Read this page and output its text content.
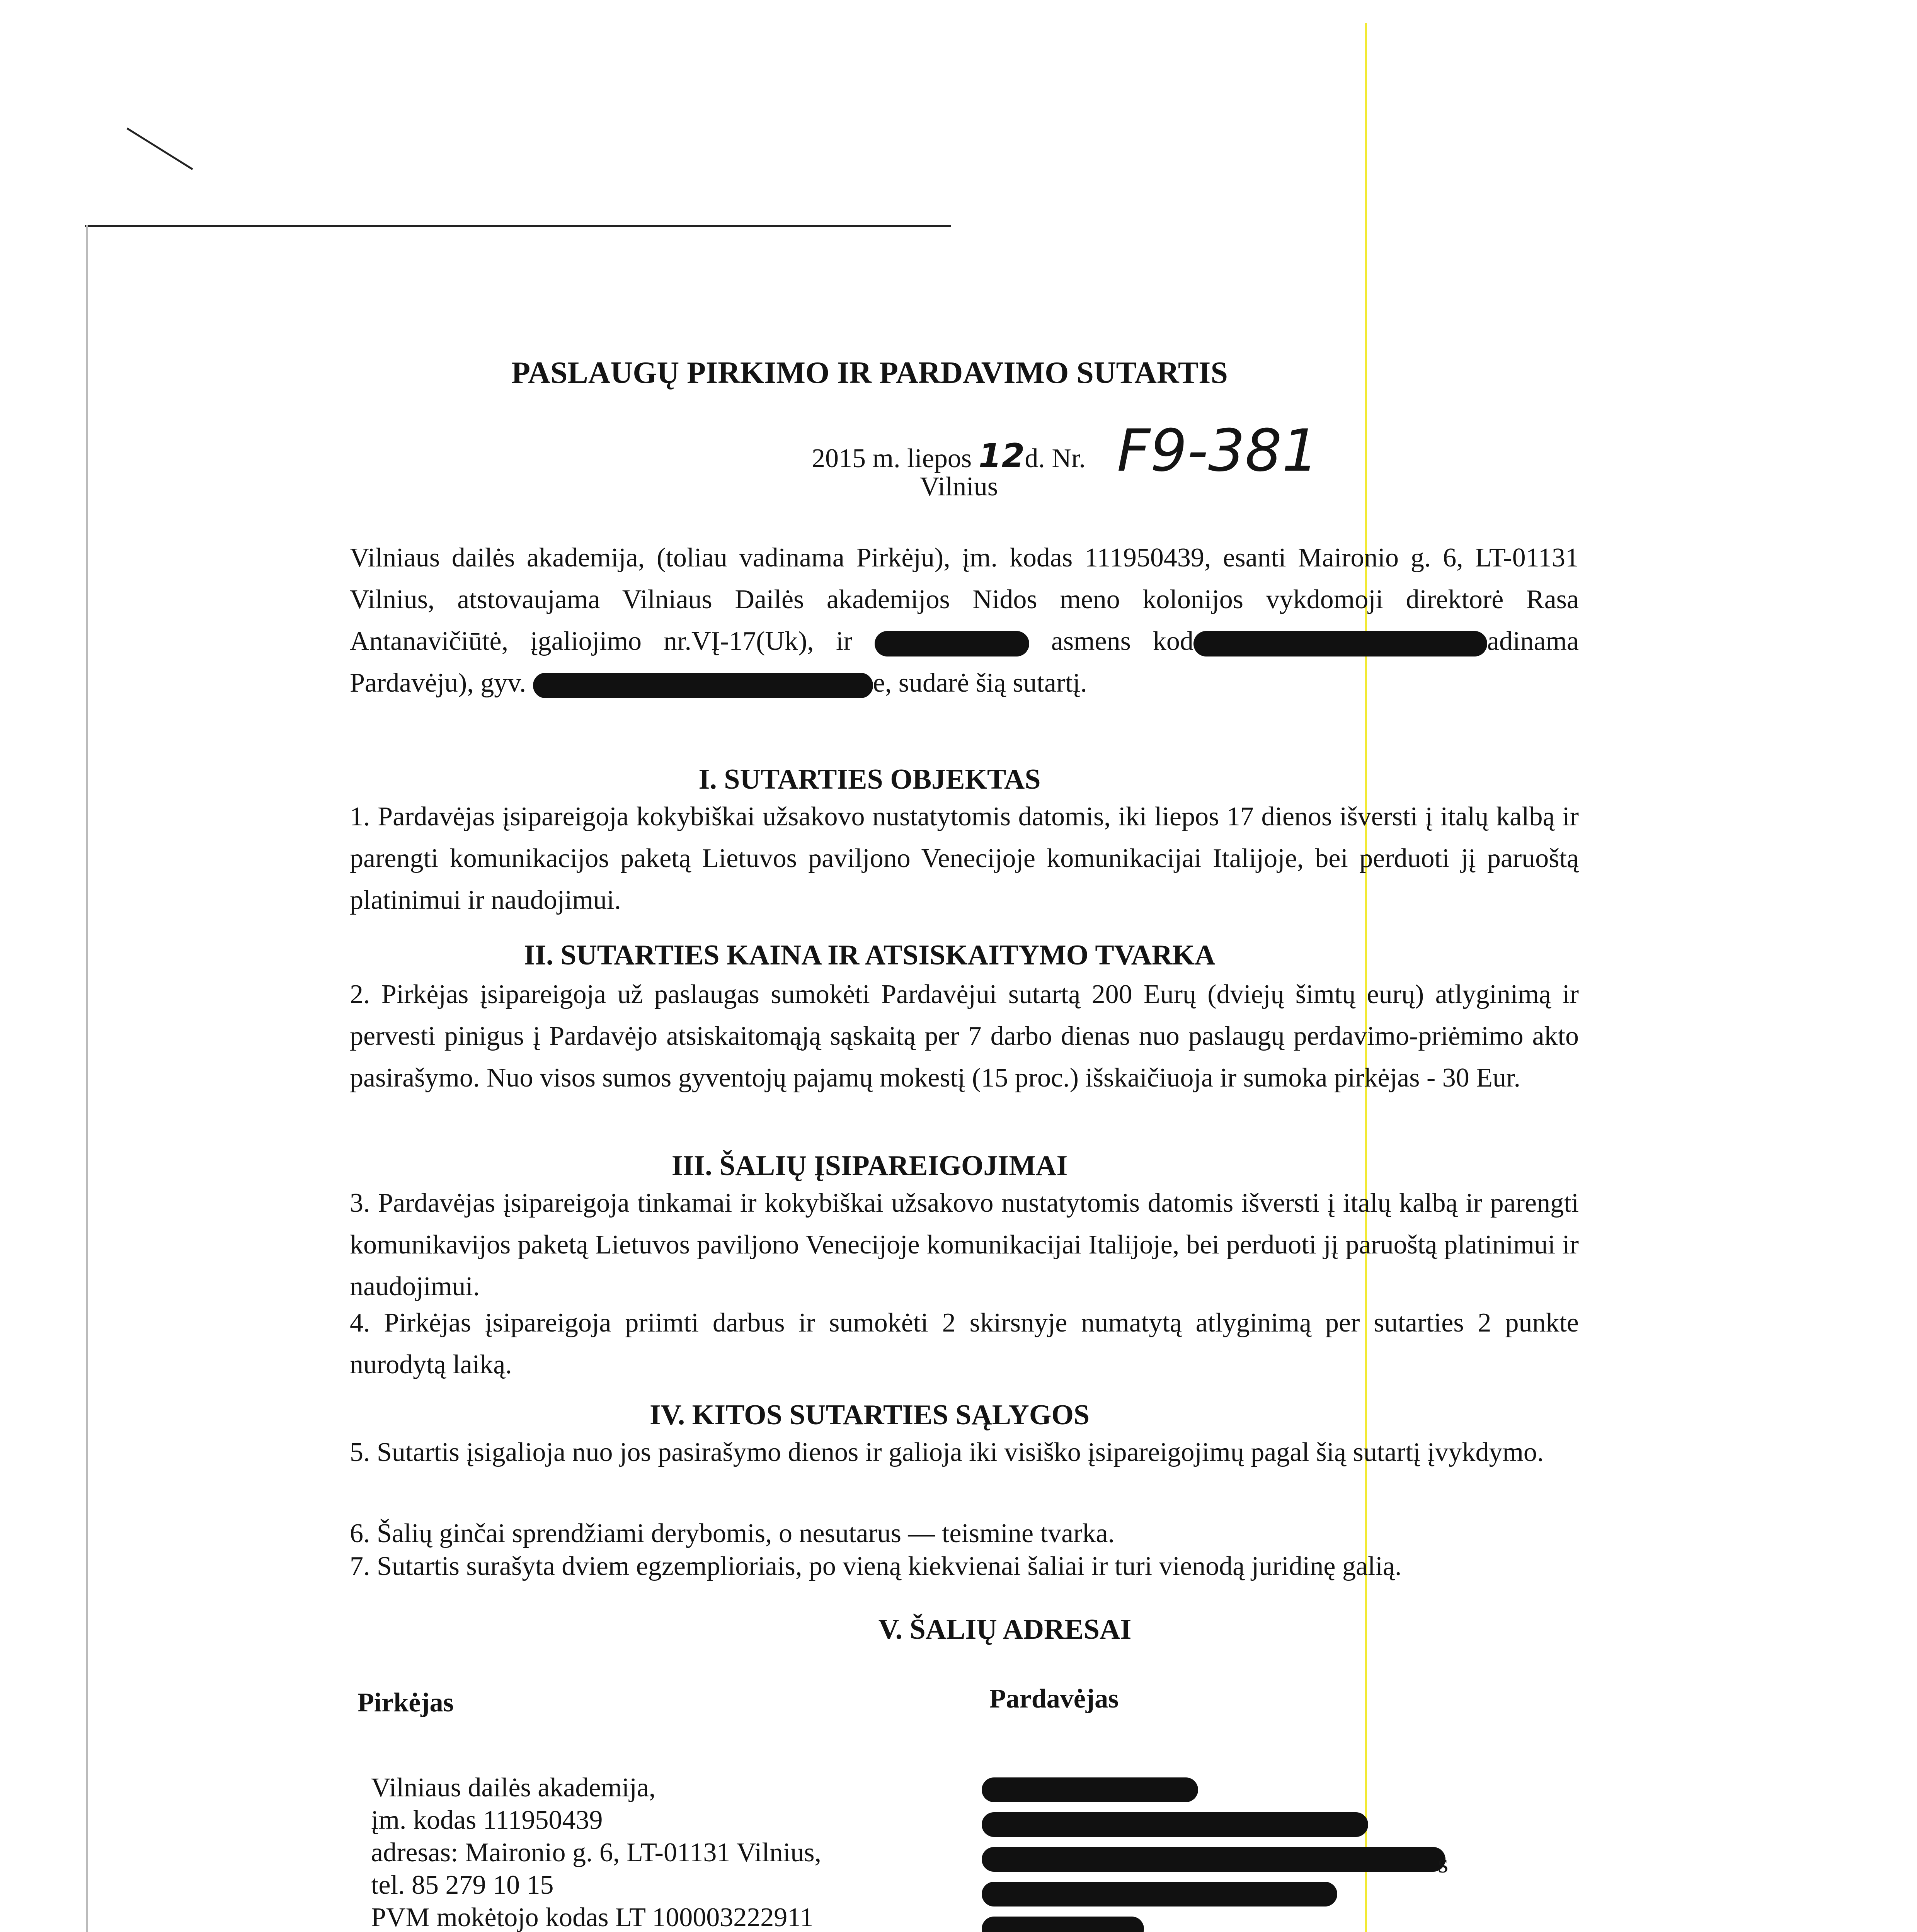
PASLAUGŲ PIRKIMO IR PARDAVIMO SUTARTIS
2015 m. liepos 12d. Nr. F9-381
Vilnius
Vilniaus dailės akademija, (toliau vadinama Pirkėju), įm. kodas 111950439, esanti Maironio g. 6, LT-01131 Vilnius, atstovaujama Vilniaus Dailės akademijos Nidos meno kolonijos vykdomoji direktorė Rasa Antanavičiūtė, įgaliojimo nr.VĮ-17(Uk), ir	asmens kod	adinama Pardavėju), gyv.	e, sudarė šią sutartį.
I. SUTARTIES OBJEKTAS
1. Pardavėjas įsipareigoja kokybiškai užsakovo nustatytomis datomis, iki liepos 17 dienos išversti į italų kalbą ir parengti komunikacijos paketą Lietuvos paviljono Venecijoje komunikacijai Italijoje, bei perduoti jį paruoštą platinimui ir naudojimui.
II. SUTARTIES KAINA IR ATSISKAITYMO TVARKA
2. Pirkėjas įsipareigoja už paslaugas sumokėti Pardavėjui sutartą 200 Eurų (dviejų šimtų eurų) atlyginimą ir pervesti pinigus į Pardavėjo atsiskaitomąją sąskaitą per 7 darbo dienas nuo paslaugų perdavimo-priėmimo akto pasirašymo. Nuo visos sumos gyventojų pajamų mokestį (15 proc.) išskaičiuoja ir sumoka pirkėjas - 30 Eur.
III. ŠALIŲ ĮSIPAREIGOJIMAI
3. Pardavėjas įsipareigoja tinkamai ir kokybiškai užsakovo nustatytomis datomis išversti į italų kalbą ir parengti komunikavijos paketą Lietuvos paviljono Venecijoje komunikacijai Italijoje, bei perduoti jį paruoštą platinimui ir naudojimui.
4. Pirkėjas įsipareigoja priimti darbus ir sumokėti 2 skirsnyje numatytą atlyginimą per sutarties 2 punkte nurodytą laiką.
IV. KITOS SUTARTIES SĄLYGOS
5. Sutartis įsigalioja nuo jos pasirašymo dienos ir galioja iki visiško įsipareigojimų pagal šią sutartį įvykdymo.
6. Šalių ginčai sprendžiami derybomis, o nesutarus — teismine tvarka.
7. Sutartis surašyta dviem egzemplioriais, po vieną kiekvienai šaliai ir turi vienodą juridinę galią.
V. ŠALIŲ ADRESAI
Pirkėjas	Pardavėjas
Vilniaus dailės akademija,
įm. kodas 111950439
adresas: Maironio g. 6, LT-01131 Vilnius,
tel. 85 279 10 15
PVM mokėtojo kodas LT 100003222911
s
